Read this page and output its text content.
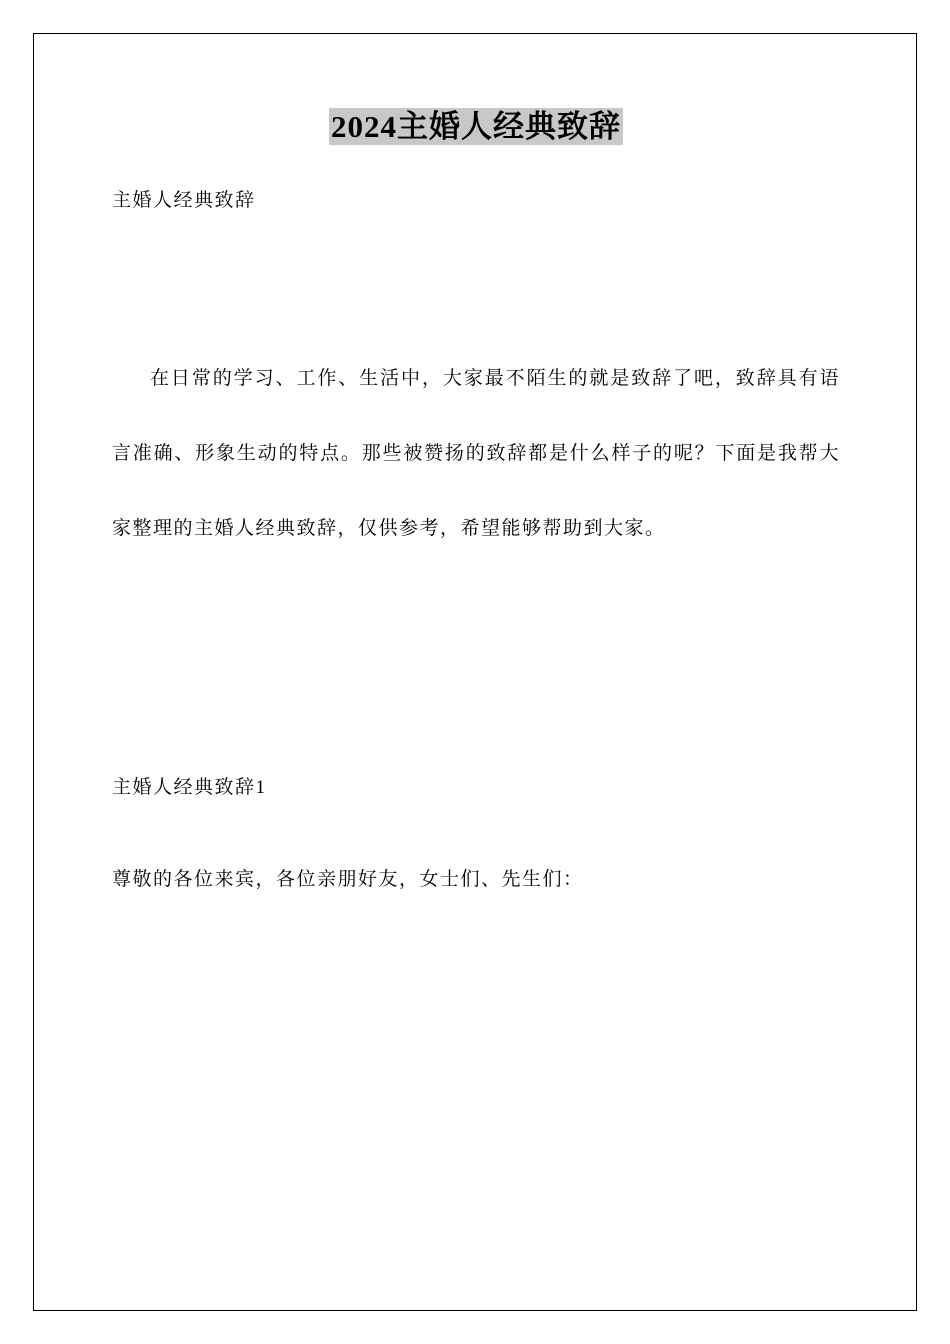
2024主婚人经典致辞

主婚人经典致辞

在日常的学习、工作、生活中，大家最不陌生的就是致辞了吧，致辞具有语言准确、形象生动的特点。那些被赞扬的致辞都是什么样子的呢？下面是我帮大家整理的主婚人经典致辞，仅供参考，希望能够帮助到大家。

主婚人经典致辞1

尊敬的各位来宾，各位亲朋好友，女士们、先生们：
